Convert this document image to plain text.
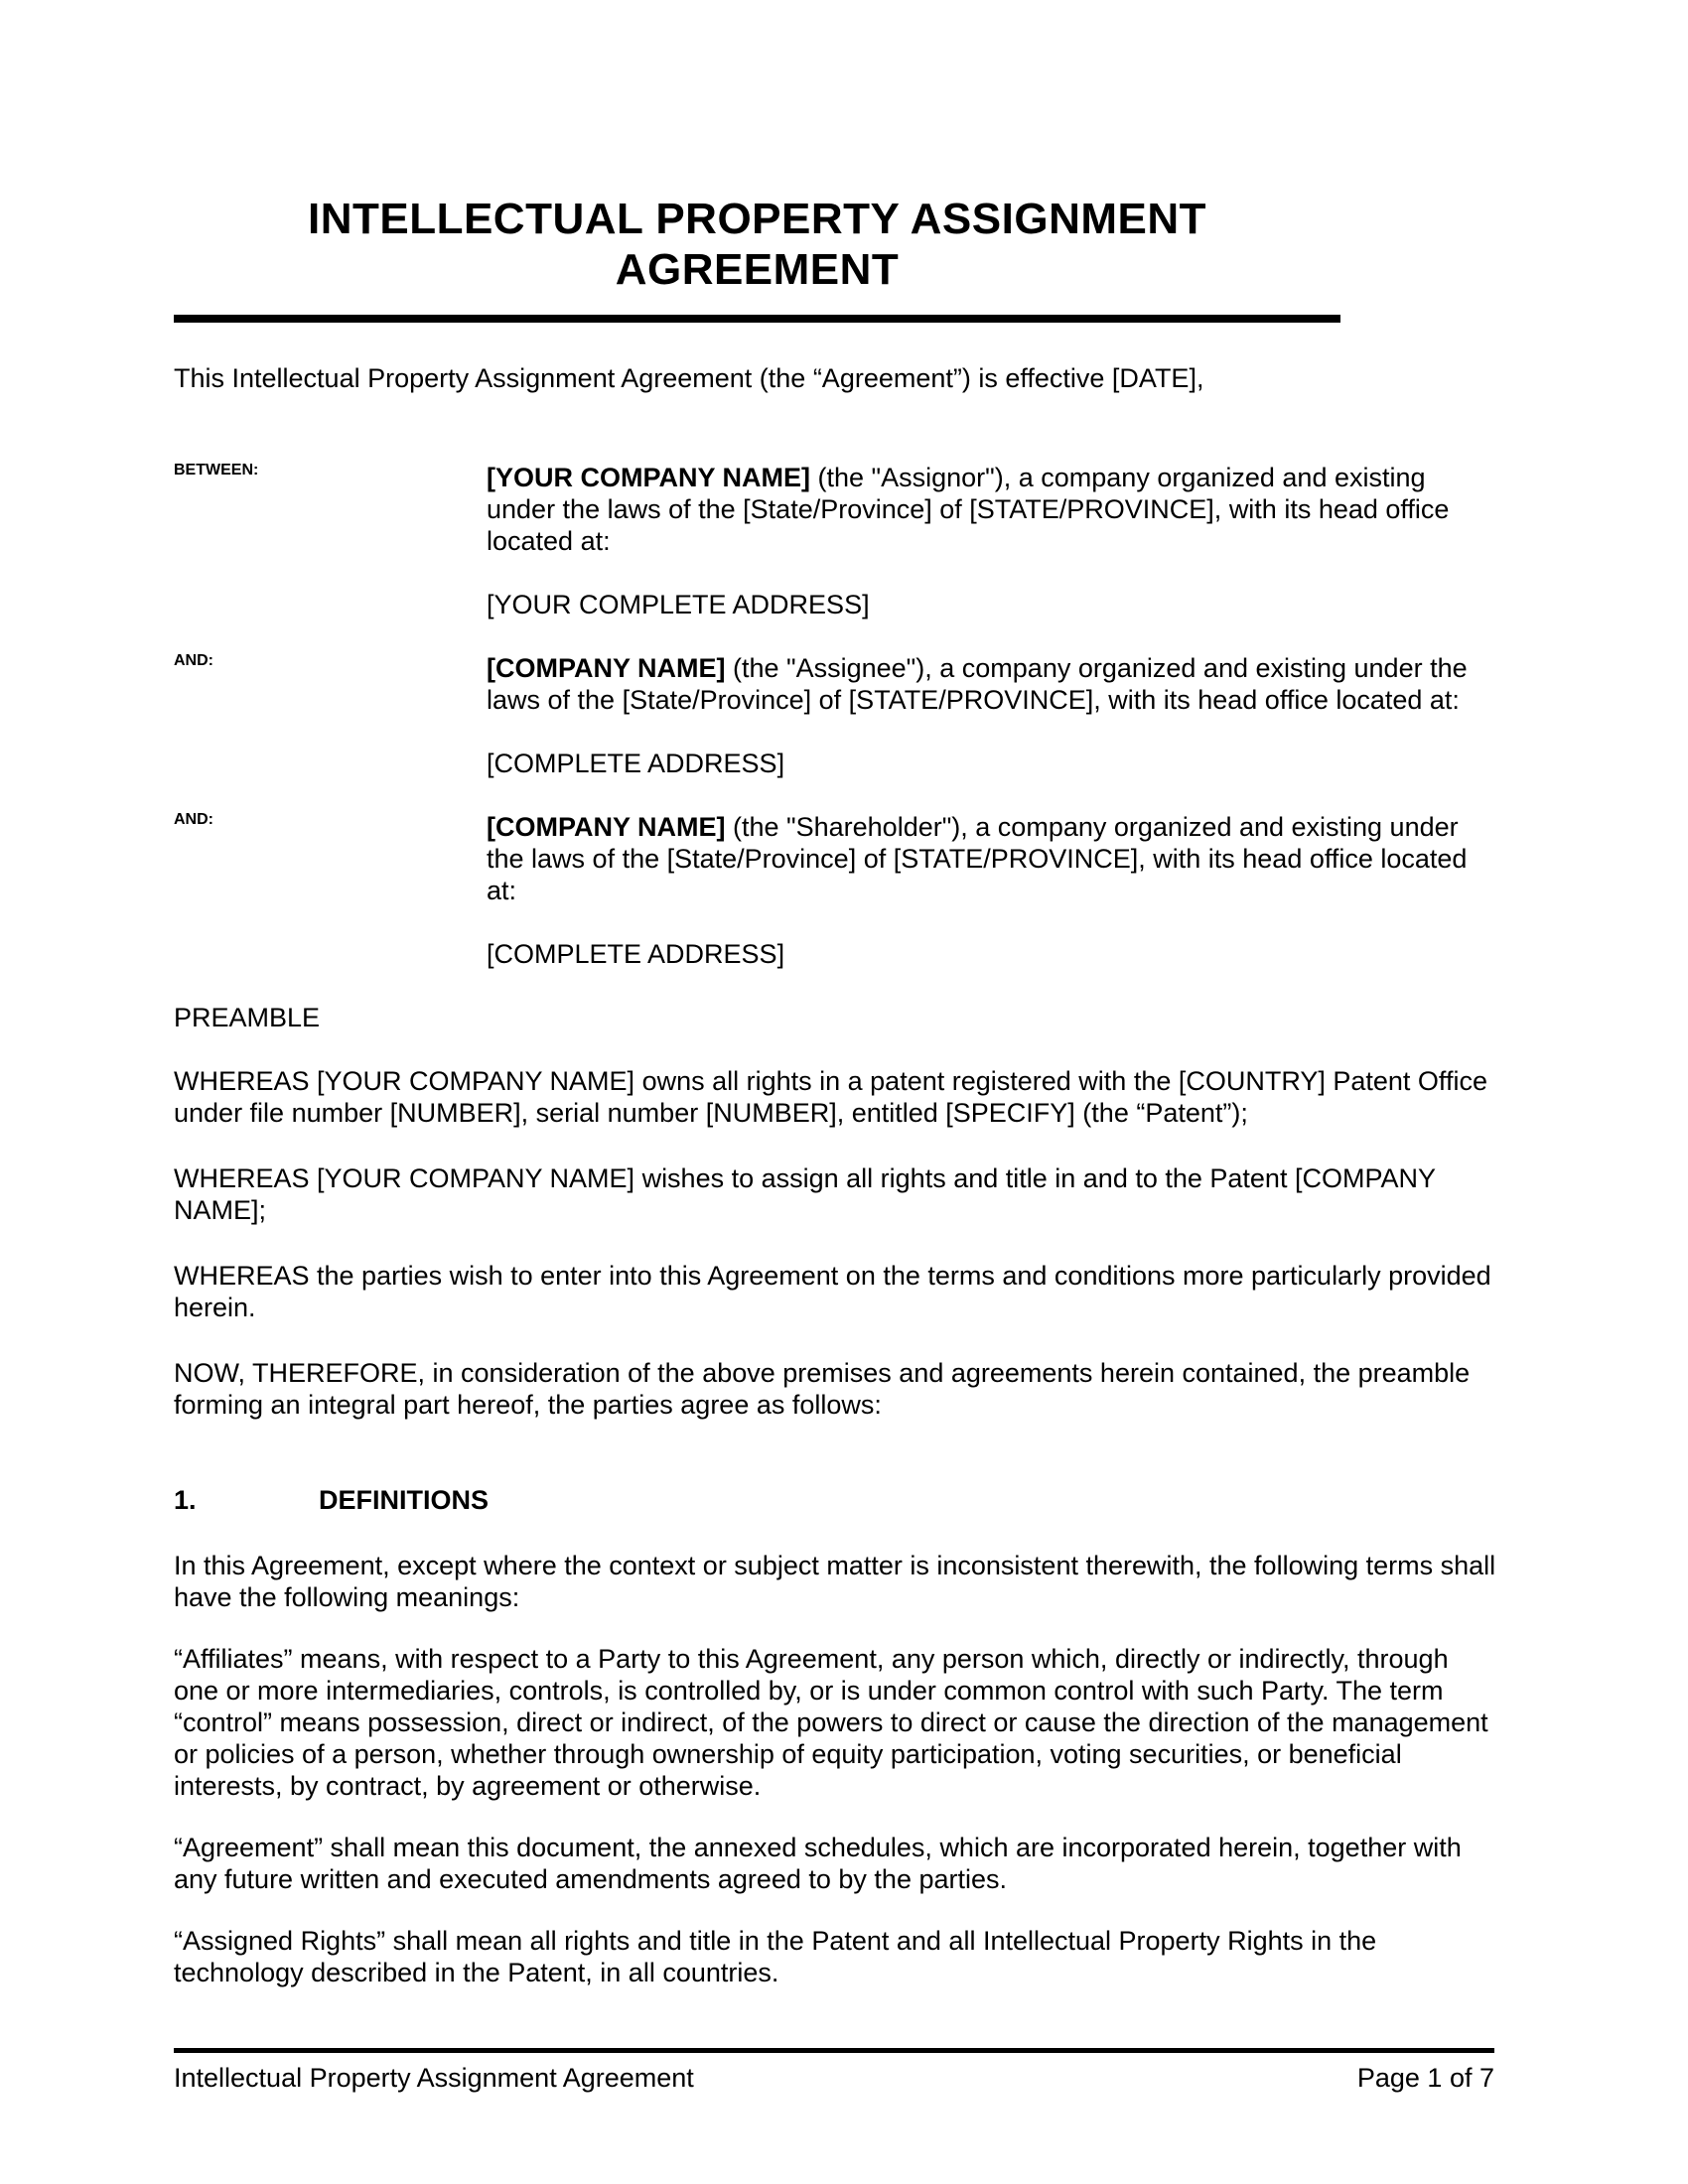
INTELLECTUAL PROPERTY ASSIGNMENT AGREEMENT

This Intellectual Property Assignment Agreement (the “Agreement”) is effective [DATE],

BETWEEN:	[YOUR COMPANY NAME] (the "Assignor"), a company organized and existing under the laws of the [State/Province] of [STATE/PROVINCE], with its head office located at:

[YOUR COMPLETE ADDRESS]

AND:	[COMPANY NAME] (the "Assignee"), a company organized and existing under the laws of the [State/Province] of [STATE/PROVINCE], with its head office located at:

[COMPLETE ADDRESS]

AND:	[COMPANY NAME] (the "Shareholder"), a company organized and existing under the laws of the [State/Province] of [STATE/PROVINCE], with its head office located at:

[COMPLETE ADDRESS]

PREAMBLE

WHEREAS [YOUR COMPANY NAME] owns all rights in a patent registered with the [COUNTRY] Patent Office under file number [NUMBER], serial number [NUMBER], entitled [SPECIFY] (the “Patent”);

WHEREAS [YOUR COMPANY NAME] wishes to assign all rights and title in and to the Patent [COMPANY NAME];

WHEREAS the parties wish to enter into this Agreement on the terms and conditions more particularly provided herein.

NOW, THEREFORE, in consideration of the above premises and agreements herein contained, the preamble forming an integral part hereof, the parties agree as follows:

1.	DEFINITIONS

In this Agreement, except where the context or subject matter is inconsistent therewith, the following terms shall have the following meanings:

“Affiliates” means, with respect to a Party to this Agreement, any person which, directly or indirectly, through one or more intermediaries, controls, is controlled by, or is under common control with such Party. The term “control” means possession, direct or indirect, of the powers to direct or cause the direction of the management or policies of a person, whether through ownership of equity participation, voting securities, or beneficial interests, by contract, by agreement or otherwise.

“Agreement” shall mean this document, the annexed schedules, which are incorporated herein, together with any future written and executed amendments agreed to by the parties.

“Assigned Rights” shall mean all rights and title in the Patent and all Intellectual Property Rights in the technology described in the Patent, in all countries.

Intellectual Property Assignment Agreement	Page 1 of 7
